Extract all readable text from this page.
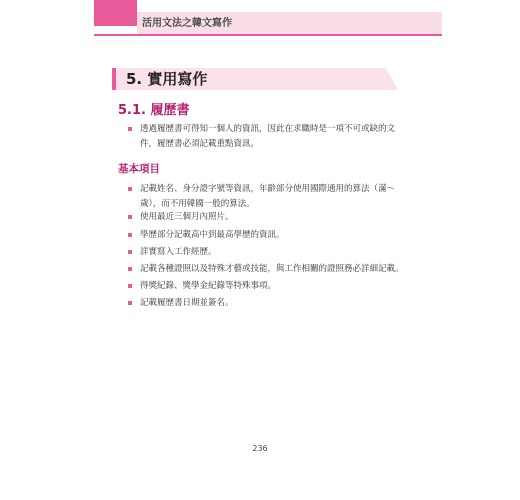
活用文法之韓文寫作
5. 實用寫作
5.1. 履歷書
透過履歷書可得知一個人的資訊，因此在求職時是一項不可或缺的文件，履歷書必須記載重點資訊。
基本項目
記載姓名、身分證字號等資訊，年齡部分使用國際通用的算法（滿～歲），而不用韓國一般的算法。
使用最近三個月內照片。
學歷部分記載高中到最高學歷的資訊。
詳實寫入工作經歷。
記載各種證照以及特殊才藝或技能，與工作相關的證照務必詳細記載。
得獎紀錄、獎學金紀錄等特殊事項。
記載履歷書日期並簽名。
236
